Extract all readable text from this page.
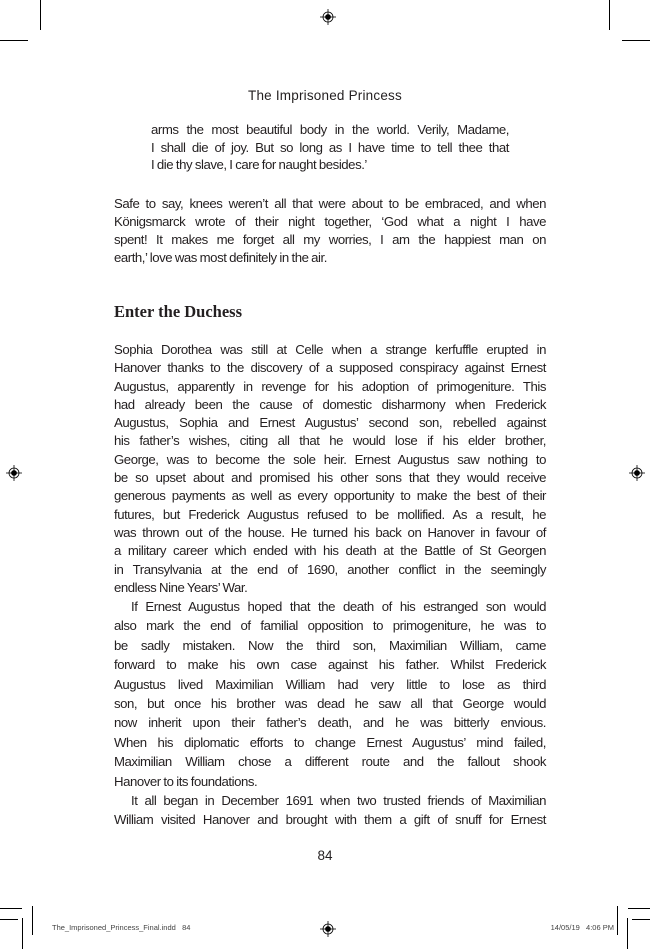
The Imprisoned Princess
arms the most beautiful body in the world. Verily, Madame,
I shall die of joy. But so long as I have time to tell thee that
I die thy slave, I care for naught besides.’
Safe to say, knees weren’t all that were about to be embraced, and when
Königsmarck wrote of their night together, ‘God what a night I have
spent! It makes me forget all my worries, I am the happiest man on
earth,’ love was most definitely in the air.
Enter the Duchess
Sophia Dorothea was still at Celle when a strange kerfuffle erupted in
Hanover thanks to the discovery of a supposed conspiracy against Ernest
Augustus, apparently in revenge for his adoption of primogeniture. This
had already been the cause of domestic disharmony when Frederick
Augustus, Sophia and Ernest Augustus’ second son, rebelled against
his father’s wishes, citing all that he would lose if his elder brother,
George, was to become the sole heir. Ernest Augustus saw nothing to
be so upset about and promised his other sons that they would receive
generous payments as well as every opportunity to make the best of their
futures, but Frederick Augustus refused to be mollified. As a result, he
was thrown out of the house. He turned his back on Hanover in favour of
a military career which ended with his death at the Battle of St Georgen
in Transylvania at the end of 1690, another conflict in the seemingly
endless Nine Years’ War.
If Ernest Augustus hoped that the death of his estranged son would
also mark the end of familial opposition to primogeniture, he was to
be sadly mistaken. Now the third son, Maximilian William, came
forward to make his own case against his father. Whilst Frederick
Augustus lived Maximilian William had very little to lose as third
son, but once his brother was dead he saw all that George would
now inherit upon their father’s death, and he was bitterly envious.
When his diplomatic efforts to change Ernest Augustus’ mind failed,
Maximilian William chose a different route and the fallout shook
Hanover to its foundations.
It all began in December 1691 when two trusted friends of Maximilian
William visited Hanover and brought with them a gift of snuff for Ernest
84
The_Imprisoned_Princess_Final.indd   84	14/05/19   4:06 PM
